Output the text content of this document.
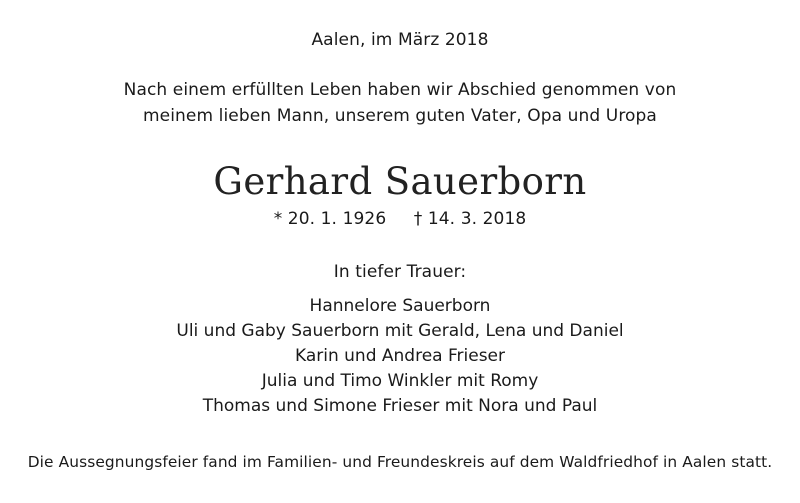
Aalen, im März 2018
Nach einem erfüllten Leben haben wir Abschied genommen von
meinem lieben Mann, unserem guten Vater, Opa und Uropa
Gerhard Sauerborn
* 20. 1. 1926 † 14. 3. 2018
In tiefer Trauer:
Hannelore Sauerborn
Uli und Gaby Sauerborn mit Gerald, Lena und Daniel
Karin und Andrea Frieser
Julia und Timo Winkler mit Romy
Thomas und Simone Frieser mit Nora und Paul
Die Aussegnungsfeier fand im Familien- und Freundeskreis auf dem Waldfriedhof in Aalen statt.
